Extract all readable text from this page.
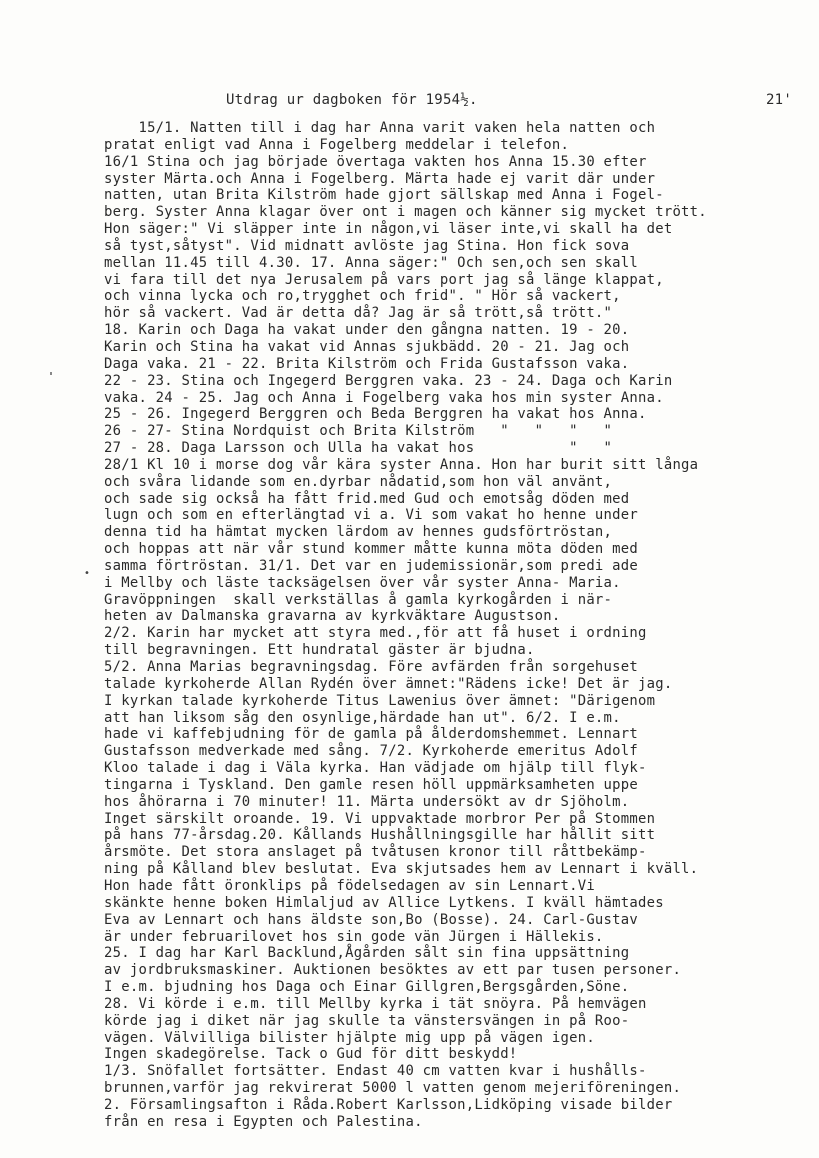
Utdrag ur dagboken för 1954½.	21'
•
15/1. Natten till i dag har Anna varit vaken hela natten och
pratat enligt vad Anna i Fogelberg meddelar i telefon.
16/1 Stina och jag började övertaga vakten hos Anna 15.30 efter
syster Märta.och Anna i Fogelberg. Märta hade ej varit där under
natten, utan Brita Kilström hade gjort sällskap med Anna i Fogel-
berg. Syster Anna klagar över ont i magen och känner sig mycket trött.
Hon säger:" Vi släpper inte in någon,vi läser inte,vi skall ha det
så tyst,såtyst". Vid midnatt avlöste jag Stina. Hon fick sova
mellan 11.45 till 4.30. 17. Anna säger:" Och sen,och sen skall
vi fara till det nya Jerusalem på vars port jag så länge klappat,
och vinna lycka och ro,trygghet och frid". " Hör så vackert,
hör så vackert. Vad är detta då? Jag är så trött,så trött."
18. Karin och Daga ha vakat under den gångna natten. 19 - 20.
Karin och Stina ha vakat vid Annas sjukbädd. 20 - 21. Jag och
Daga vaka. 21 - 22. Brita Kilström och Frida Gustafsson vaka.
22 - 23. Stina och Ingegerd Berggren vaka. 23 - 24. Daga och Karin
vaka. 24 - 25. Jag och Anna i Fogelberg vaka hos min syster Anna.
25 - 26. Ingegerd Berggren och Beda Berggren ha vakat hos Anna.
26 - 27- Stina Nordquist och Brita Kilström   "   "   "   "
27 - 28. Daga Larsson och Ulla ha vakat hos           "   "
28/1 Kl 10 i morse dog vår kära syster Anna. Hon har burit sitt långa
och svåra lidande som en.dyrbar nådatid,som hon väl använt,
och sade sig också ha fått frid.med Gud och emotsåg döden med
lugn och som en efterlängtad vi a. Vi som vakat ho henne under
denna tid ha hämtat mycken lärdom av hennes gudsförtröstan,
och hoppas att när vår stund kommer måtte kunna möta döden med
samma förtröstan. 31/1. Det var en judemissionär,som predi ade
i Mellby och läste tacksägelsen över vår syster Anna- Maria.
Gravöppningen  skall verkställas å gamla kyrkogården i när-
heten av Dalmanska gravarna av kyrkväktare Augustson.
2/2. Karin har mycket att styra med.,för att få huset i ordning
till begravningen. Ett hundratal gäster är bjudna.
5/2. Anna Marias begravningsdag. Före avfärden från sorgehuset
talade kyrkoherde Allan Rydén över ämnet:"Rädens icke! Det är jag.
I kyrkan talade kyrkoherde Titus Lawenius över ämnet: "Därigenom
att han liksom såg den osynlige,härdade han ut". 6/2. I e.m.
hade vi kaffebjudning för de gamla på ålderdomshemmet. Lennart
Gustafsson medverkade med sång. 7/2. Kyrkoherde emeritus Adolf
Kloo talade i dag i Väla kyrka. Han vädjade om hjälp till flyk-
tingarna i Tyskland. Den gamle resen höll uppmärksamheten uppe
hos åhörarna i 70 minuter! 11. Märta undersökt av dr Sjöholm.
Inget särskilt oroande. 19. Vi uppvaktade morbror Per på Stommen
på hans 77-årsdag.20. Kållands Hushållningsgille har hållit sitt
årsmöte. Det stora anslaget på tvåtusen kronor till råttbekämp-
ning på Kålland blev beslutat. Eva skjutsades hem av Lennart i kväll.
Hon hade fått öronklips på födelsedagen av sin Lennart.Vi
skänkte henne boken Himlaljud av Allice Lytkens. I kväll hämtades
Eva av Lennart och hans äldste son,Bo (Bosse). 24. Carl-Gustav
är under februarilovet hos sin gode vän Jürgen i Hällekis.
25. I dag har Karl Backlund,Ågården sålt sin fina uppsättning
av jordbruksmaskiner. Auktionen besöktes av ett par tusen personer.
I e.m. bjudning hos Daga och Einar Gillgren,Bergsgården,Söne.
28. Vi körde i e.m. till Mellby kyrka i tät snöyra. På hemvägen
körde jag i diket när jag skulle ta vänstersvängen in på Roo-
vägen. Välvilliga bilister hjälpte mig upp på vägen igen.
Ingen skadegörelse. Tack o Gud för ditt beskydd!
1/3. Snöfallet fortsätter. Endast 40 cm vatten kvar i hushålls-
brunnen,varför jag rekvirerat 5000 l vatten genom mejeriföreningen.
2. Församlingsafton i Råda.Robert Karlsson,Lidköping visade bilder
från en resa i Egypten och Palestina.
